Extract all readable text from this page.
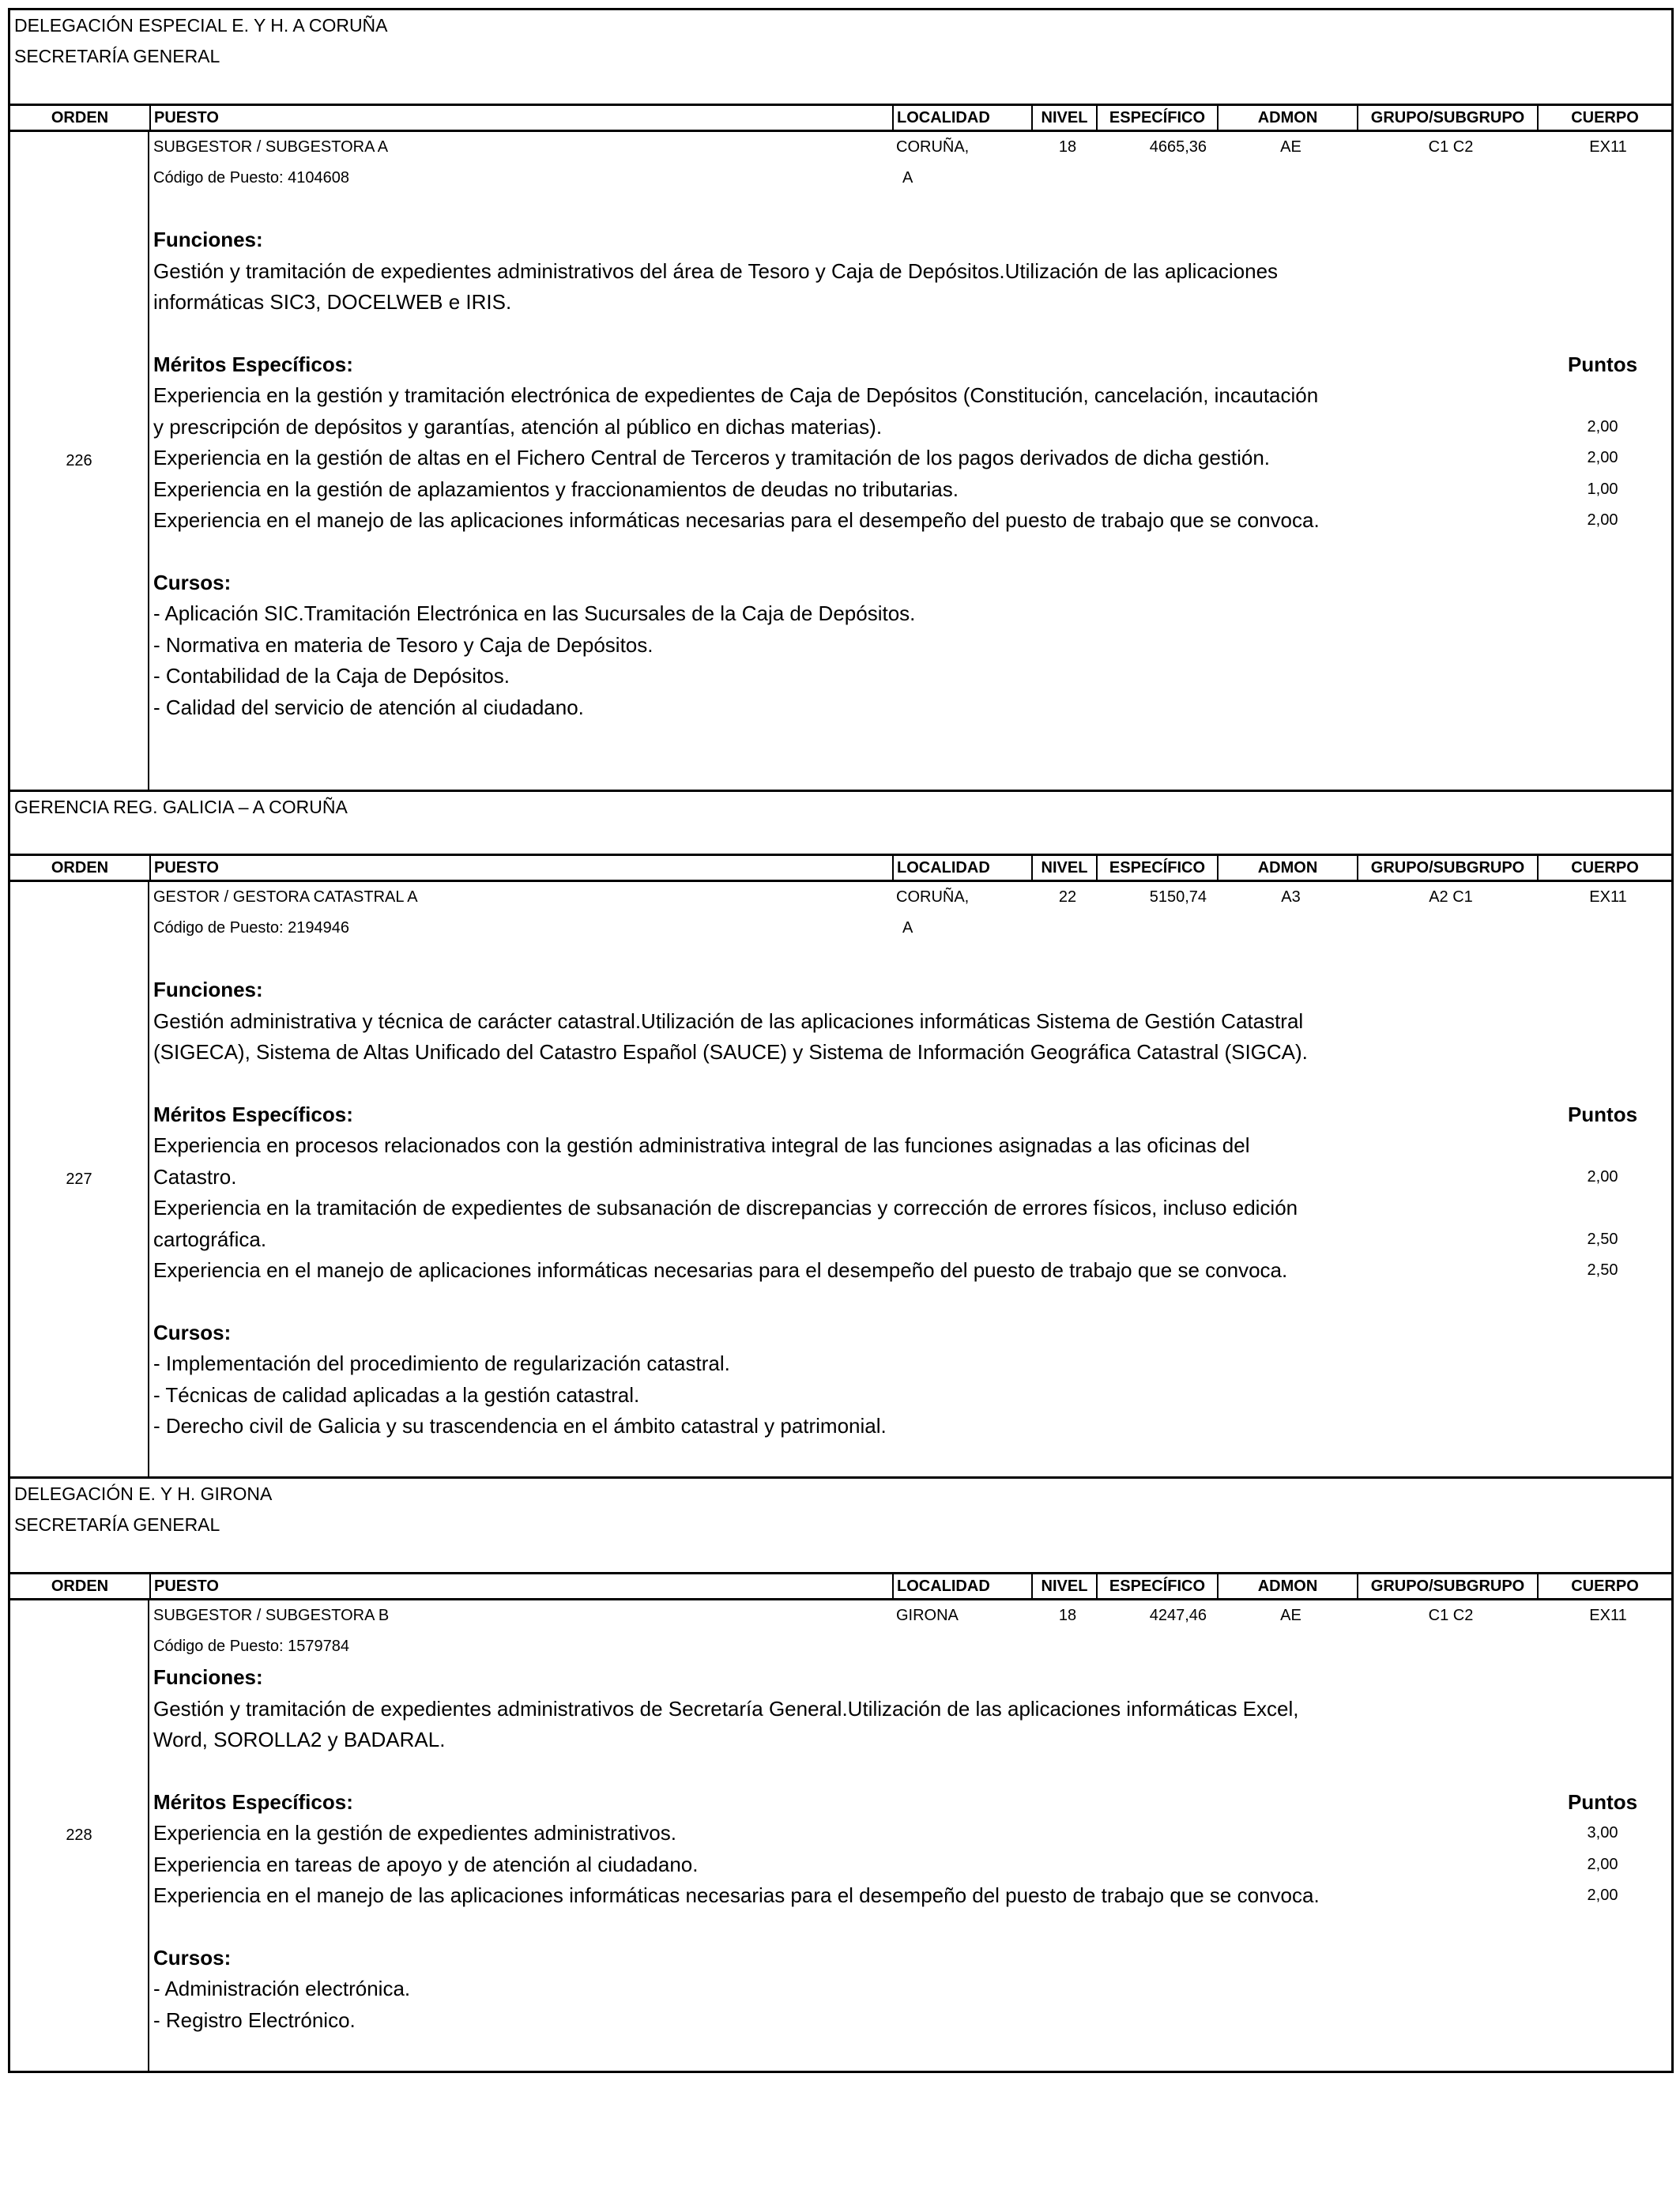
DELEGACIÓN ESPECIAL E. Y H. A CORUÑA
SECRETARÍA GENERAL
ORDEN	PUESTO	LOCALIDAD	NIVEL	ESPECÍFICO	ADMON	GRUPO/SUBGRUPO	CUERPO
226
SUBGESTOR / SUBGESTORA A	CORUÑA,	18	4665,36	AE	C1 C2	EX11
Código de Puesto: 4104608	A
Funciones:
Gestión y tramitación de expedientes administrativos del área de Tesoro y Caja de Depósitos.Utilización de las aplicaciones
informáticas SIC3, DOCELWEB e IRIS.
Méritos Específicos:	Puntos
Experiencia en la gestión y tramitación electrónica de expedientes de Caja de Depósitos (Constitución, cancelación, incautación
y prescripción de depósitos y garantías, atención al público en dichas materias).	2,00
Experiencia en la gestión de altas en el Fichero Central de Terceros y tramitación de los pagos derivados de dicha gestión.	2,00
Experiencia en la gestión de aplazamientos y fraccionamientos de deudas no tributarias.	1,00
Experiencia en el manejo de las aplicaciones informáticas necesarias para el desempeño del puesto de trabajo que se convoca.	2,00
Cursos:
- Aplicación SIC.Tramitación Electrónica en las Sucursales de la Caja de Depósitos.
- Normativa en materia de Tesoro y Caja de Depósitos.
- Contabilidad de la Caja de Depósitos.
- Calidad del servicio de atención al ciudadano.
GERENCIA REG. GALICIA – A CORUÑA
ORDEN	PUESTO	LOCALIDAD	NIVEL	ESPECÍFICO	ADMON	GRUPO/SUBGRUPO	CUERPO
227
GESTOR / GESTORA CATASTRAL A	CORUÑA,	22	5150,74	A3	A2 C1	EX11
Código de Puesto: 2194946	A
Funciones:
Gestión administrativa y técnica de carácter catastral.Utilización de las aplicaciones informáticas Sistema de Gestión Catastral
(SIGECA), Sistema de Altas Unificado del Catastro Español (SAUCE) y Sistema de Información Geográfica Catastral (SIGCA).
Méritos Específicos:	Puntos
Experiencia en procesos relacionados con la gestión administrativa integral de las funciones asignadas a las oficinas del
Catastro.	2,00
Experiencia en la tramitación de expedientes de subsanación de discrepancias y corrección de errores físicos, incluso edición
cartográfica.	2,50
Experiencia en el manejo de aplicaciones informáticas necesarias para el desempeño del puesto de trabajo que se convoca.	2,50
Cursos:
- Implementación del procedimiento de regularización catastral.
- Técnicas de calidad aplicadas a la gestión catastral.
- Derecho civil de Galicia y su trascendencia en el ámbito catastral y patrimonial.
DELEGACIÓN E. Y H. GIRONA
SECRETARÍA GENERAL
ORDEN	PUESTO	LOCALIDAD	NIVEL	ESPECÍFICO	ADMON	GRUPO/SUBGRUPO	CUERPO
228
SUBGESTOR / SUBGESTORA B	GIRONA	18	4247,46	AE	C1 C2	EX11
Código de Puesto: 1579784
Funciones:
Gestión y tramitación de expedientes administrativos de Secretaría General.Utilización de las aplicaciones informáticas Excel,
Word, SOROLLA2 y BADARAL.
Méritos Específicos:	Puntos
Experiencia en la gestión de expedientes administrativos.	3,00
Experiencia en tareas de apoyo y de atención al ciudadano.	2,00
Experiencia en el manejo de las aplicaciones informáticas necesarias para el desempeño del puesto de trabajo que se convoca.	2,00
Cursos:
- Administración electrónica.
- Registro Electrónico.
